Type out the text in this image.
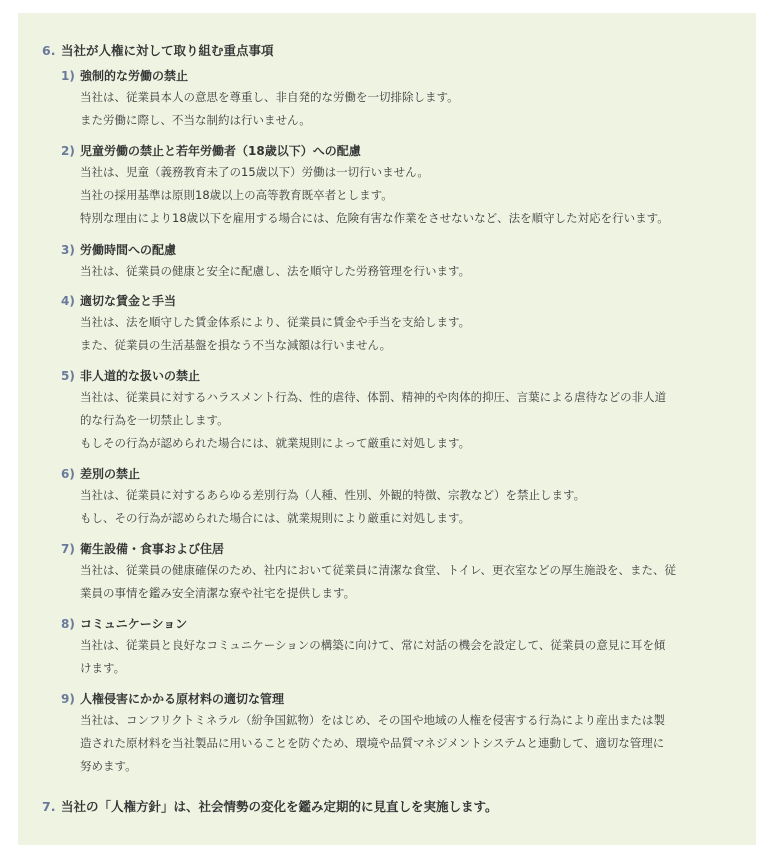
6. 当社が人権に対して取り組む重点事項
1) 強制的な労働の禁止
当社は、従業員本人の意思を尊重し、非自発的な労働を一切排除します。
また労働に際し、不当な制約は行いません。
2) 児童労働の禁止と若年労働者（18歳以下）への配慮
当社は、児童（義務教育未了の15歳以下）労働は一切行いません。
当社の採用基準は原則18歳以上の高等教育既卒者とします。
特別な理由により18歳以下を雇用する場合には、危険有害な作業をさせないなど、法を順守した対応を行います。
3) 労働時間への配慮
当社は、従業員の健康と安全に配慮し、法を順守した労務管理を行います。
4) 適切な賃金と手当
当社は、法を順守した賃金体系により、従業員に賃金や手当を支給します。
また、従業員の生活基盤を損なう不当な減額は行いません。
5) 非人道的な扱いの禁止
当社は、従業員に対するハラスメント行為、性的虐待、体罰、精神的や肉体的抑圧、言葉による虐待などの非人道
的な行為を一切禁止します。
もしその行為が認められた場合には、就業規則によって厳重に対処します。
6) 差別の禁止
当社は、従業員に対するあらゆる差別行為（人種、性別、外観的特徴、宗教など）を禁止します。
もし、その行為が認められた場合には、就業規則により厳重に対処します。
7) 衛生設備・食事および住居
当社は、従業員の健康確保のため、社内において従業員に清潔な食堂、トイレ、更衣室などの厚生施設を、また、従
業員の事情を鑑み安全清潔な寮や社宅を提供します。
8) コミュニケーション
当社は、従業員と良好なコミュニケーションの構築に向けて、常に対話の機会を設定して、従業員の意見に耳を傾
けます。
9) 人権侵害にかかる原材料の適切な管理
当社は、コンフリクトミネラル（紛争国鉱物）をはじめ、その国や地域の人権を侵害する行為により産出または製
造された原材料を当社製品に用いることを防ぐため、環境や品質マネジメントシステムと連動して、適切な管理に
努めます。
7. 当社の「人権方針」は、社会情勢の変化を鑑み定期的に見直しを実施します。
